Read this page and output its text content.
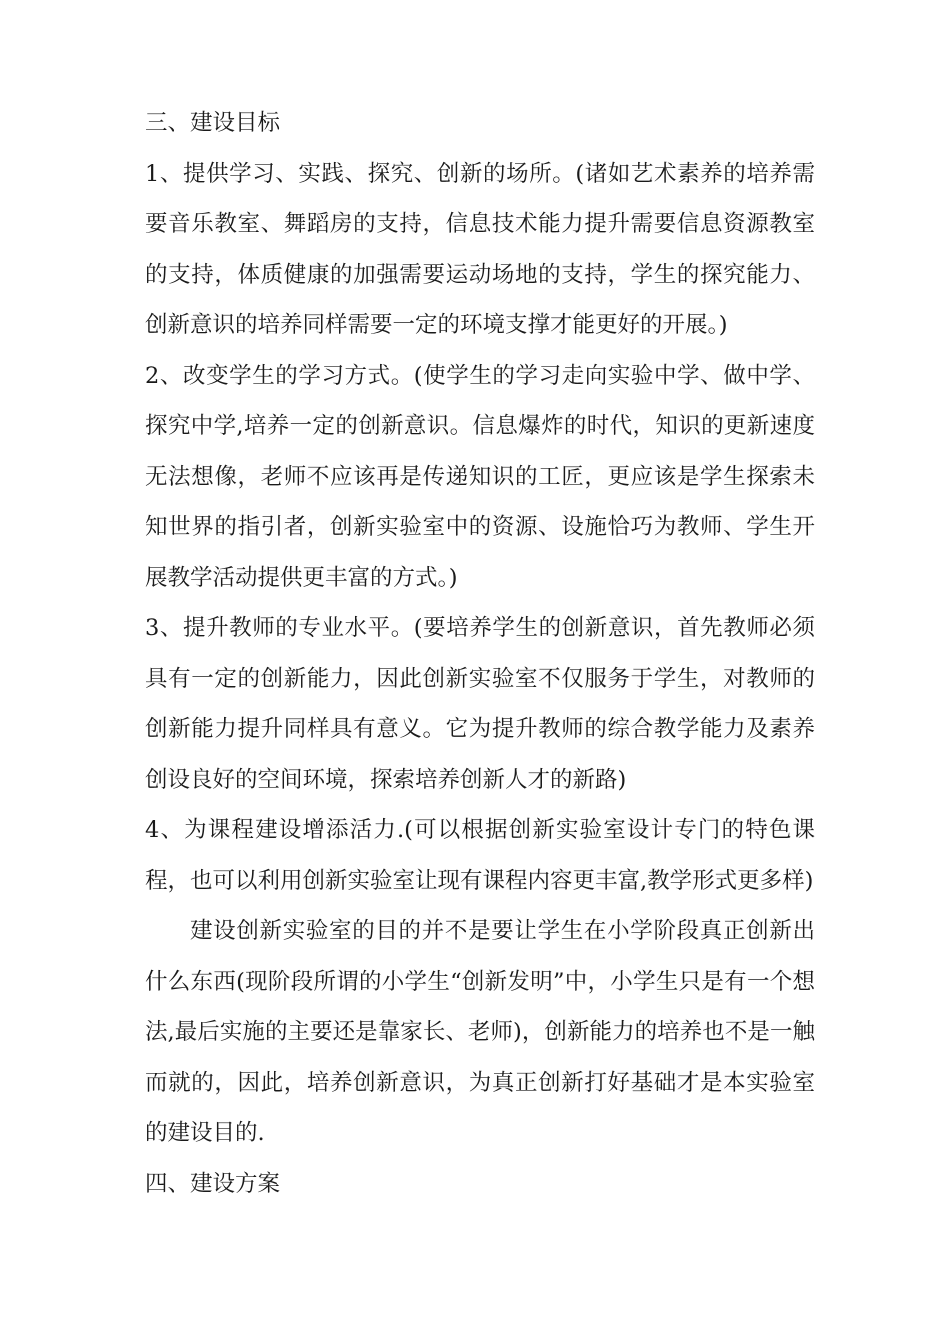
三、建设目标

1、提供学习、实践、探究、创新的场所。(诸如艺术素养的培养需要音乐教室、舞蹈房的支持，信息技术能力提升需要信息资源教室的支持，体质健康的加强需要运动场地的支持，学生的探究能力、创新意识的培养同样需要一定的环境支撑才能更好的开展。)

2、改变学生的学习方式。(使学生的学习走向实验中学、做中学、探究中学,培养一定的创新意识。信息爆炸的时代，知识的更新速度无法想像，老师不应该再是传递知识的工匠，更应该是学生探索未知世界的指引者，创新实验室中的资源、设施恰巧为教师、学生开展教学活动提供更丰富的方式。)

3、提升教师的专业水平。(要培养学生的创新意识，首先教师必须具有一定的创新能力，因此创新实验室不仅服务于学生，对教师的创新能力提升同样具有意义。它为提升教师的综合教学能力及素养创设良好的空间环境，探索培养创新人才的新路)

4、为课程建设增添活力.(可以根据创新实验室设计专门的特色课程，也可以利用创新实验室让现有课程内容更丰富,教学形式更多样)

建设创新实验室的目的并不是要让学生在小学阶段真正创新出什么东西(现阶段所谓的小学生“创新发明”中，小学生只是有一个想法,最后实施的主要还是靠家长、老师)，创新能力的培养也不是一触而就的，因此，培养创新意识，为真正创新打好基础才是本实验室的建设目的.

四、建设方案
